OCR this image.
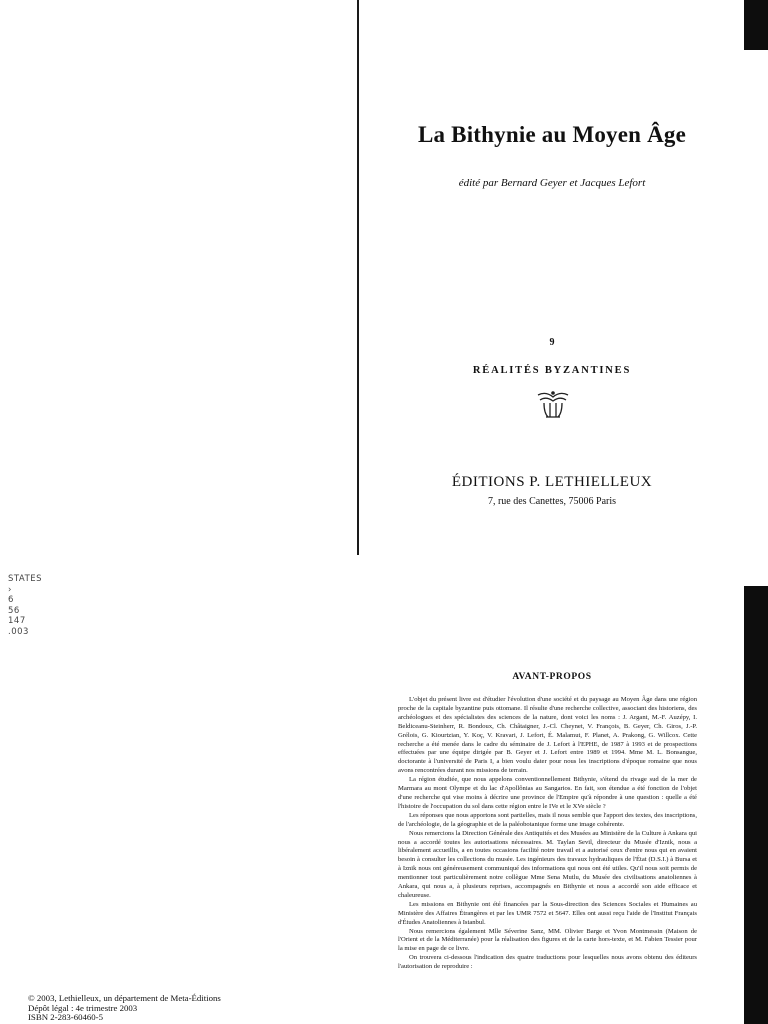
La Bithynie au Moyen Âge
édité par Bernard Geyer et Jacques Lefort
9
RÉALITÉS BYZANTINES
ÉDITIONS P. LETHIELLEUX
7, rue des Canettes, 75006 Paris
STATES
›
6
56
147
.003
© 2003, Lethielleux, un département de Meta-Éditions
Dépôt légal : 4e trimestre 2003
ISBN 2-283-60460-5
AVANT-PROPOS

L'objet du présent livre est d'étudier l'évolution d'une société et du paysage au Moyen Âge dans une région proche de la capitale byzantine puis ottomane. Il résulte d'une recherche collective, associant des historiens, des archéologues et des spécialistes des sciences de la nature, dont voici les noms : J. Argant, M.-F. Auzépy, I. Beldiceanu-Steinherr, R. Bondoux, Ch. Châtaigner, J.-Cl. Cheynet, V. François, B. Geyer, Ch. Giros, J.-P. Grélois, G. Kiourtzian, Y. Koç, V. Kravari, J. Lefort, É. Malamut, F. Planet, A. Prakong, G. Willcox. Cette recherche a été menée dans le cadre du séminaire de J. Lefort à l'EPHE, de 1987 à 1993 et de prospections effectuées par une équipe dirigée par B. Geyer et J. Lefort entre 1989 et 1994. Mme M. L. Bonsangue, doctorante à l'université de Paris I, a bien voulu dater pour nous les inscriptions d'époque romaine que nous avons rencontrées durant nos missions de terrain.

La région étudiée, que nous appelons conventionnellement Bithynie, s'étend du rivage sud de la mer de Marmara au mont Olympe et du lac d'Apollônias au Sangarios. En fait, son étendue a été fonction de l'objet d'une recherche qui vise moins à décrire une province de l'Empire qu'à répondre à une question : quelle a été l'histoire de l'occupation du sol dans cette région entre le IVe et le XVe siècle ?

Les réponses que nous apportons sont partielles, mais il nous semble que l'apport des textes, des inscriptions, de l'archéologie, de la géographie et de la paléobotanique forme une image cohérente.

Nous remercions la Direction Générale des Antiquités et des Musées au Ministère de la Culture à Ankara qui nous a accordé toutes les autorisations nécessaires. M. Taylan Sevil, directeur du Musée d'Iznik, nous a libéralement accueillis, a en toutes occasions facilité notre travail et a autorisé ceux d'entre nous qui en avaient besoin à consulter les collections du musée. Les ingénieurs des travaux hydrauliques de l'État (D.S.I.) à Bursa et à Iznik nous ont généreusement communiqué des informations qui nous ont été utiles. Qu'il nous soit permis de mentionner tout particulièrement notre collègue Mme Sena Mutlu, du Musée des civilisations anatoliennes à Ankara, qui nous a, à plusieurs reprises, accompagnés en Bithynie et nous a accordé son aide efficace et chaleureuse.

Les missions en Bithynie ont été financées par la Sous-direction des Sciences Sociales et Humaines au Ministère des Affaires Étrangères et par les UMR 7572 et 5647. Elles ont aussi reçu l'aide de l'Institut Français d'Études Anatoliennes à Istanbul.

Nous remercions également Mlle Séverine Sanz, MM. Olivier Barge et Yvon Montmessin (Maison de l'Orient et de la Méditerranée) pour la réalisation des figures et de la carte hors-texte, et M. Fabien Tessier pour la mise en page de ce livre.

On trouvera ci-dessous l'indication des quatre traductions pour lesquelles nous avons obtenu des éditeurs l'autorisation de reproduire :
